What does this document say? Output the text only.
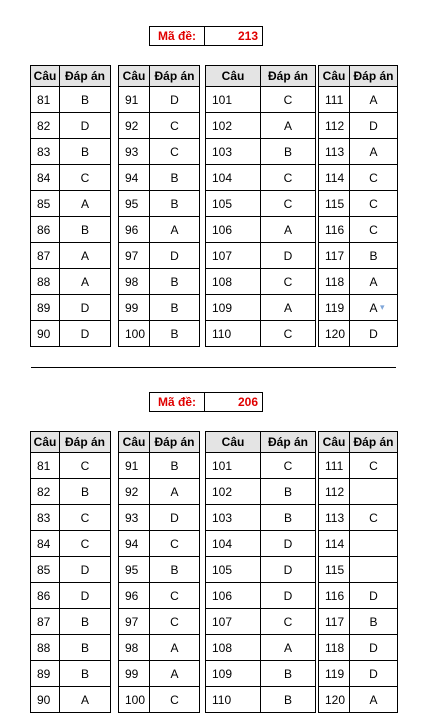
Mã đề:	213
Câu	Đáp án
81	B
82	D
83	B
84	C
85	A
86	B
87	A
88	A
89	D
90	D
Câu	Đáp án
91	D
92	C
93	C
94	B
95	B
96	A
97	D
98	B
99	B
100	B
Câu	Đáp án
101	C
102	A
103	B
104	C
105	C
106	A
107	D
108	C
109	A
110	C
Câu	Đáp án
111	A
112	D
113	A
114	C
115	C
116	C
117	B
118	A
119	A
120	D
Mã đề:	206
Câu	Đáp án
81	C
82	B
83	C
84	C
85	D
86	D
87	B
88	B
89	B
90	A
Câu	Đáp án
91	B
92	A
93	D
94	C
95	B
96	C
97	C
98	A
99	A
100	C
Câu	Đáp án
101	C
102	B
103	B
104	D
105	D
106	D
107	C
108	A
109	B
110	B
Câu	Đáp án
111	C
112	
113	C
114	
115	
116	D
117	B
118	D
119	D
120	A
▾
